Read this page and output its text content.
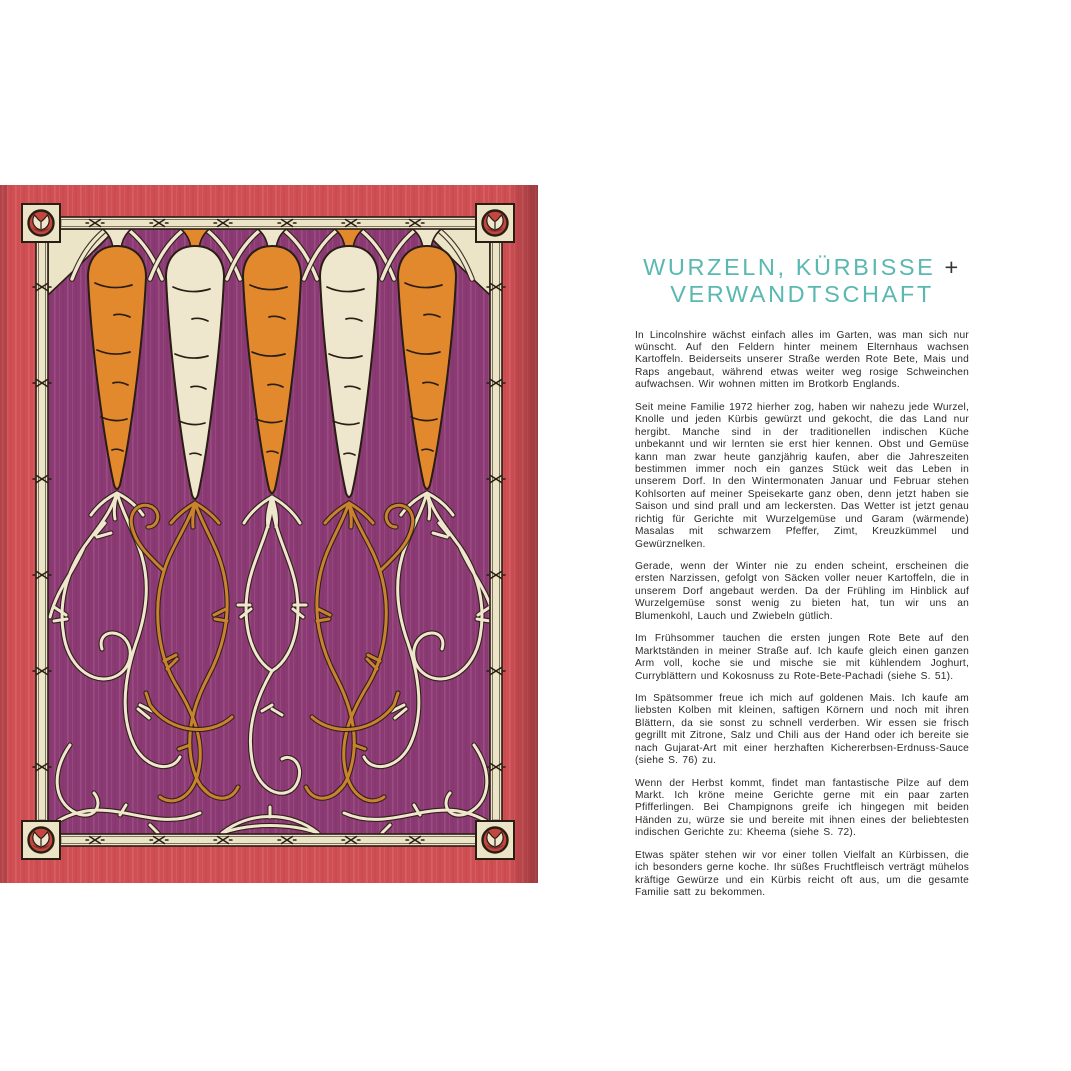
WURZELN, KÜRBISSE +
VERWANDTSCHAFT

In Lincolnshire wächst einfach alles im Garten, was man sich nur wünscht. Auf den Feldern hinter meinem Elternhaus wachsen Kartoffeln. Beiderseits unserer Straße werden Rote Bete, Mais und Raps angebaut, während etwas weiter weg rosige Schweinchen aufwachsen. Wir wohnen mitten im Brotkorb Englands.

Seit meine Familie 1972 hierher zog, haben wir nahezu jede Wurzel, Knolle und jeden Kürbis gewürzt und gekocht, die das Land nur hergibt. Manche sind in der traditionellen indischen Küche unbekannt und wir lernten sie erst hier kennen. Obst und Gemüse kann man zwar heute ganzjährig kaufen, aber die Jahreszeiten bestimmen immer noch ein ganzes Stück weit das Leben in unserem Dorf. In den Wintermonaten Januar und Februar stehen Kohlsorten auf meiner Speisekarte ganz oben, denn jetzt haben sie Saison und sind prall und am leckersten. Das Wetter ist jetzt genau richtig für Gerichte mit Wurzelgemüse und Garam (wärmende) Masalas mit schwarzem Pfeffer, Zimt, Kreuzkümmel und Gewürznelken.

Gerade, wenn der Winter nie zu enden scheint, erscheinen die ersten Narzissen, gefolgt von Säcken voller neuer Kartoffeln, die in unserem Dorf angebaut werden. Da der Frühling im Hinblick auf Wurzelgemüse sonst wenig zu bieten hat, tun wir uns an Blumenkohl, Lauch und Zwiebeln gütlich.

Im Frühsommer tauchen die ersten jungen Rote Bete auf den Marktständen in meiner Straße auf. Ich kaufe gleich einen ganzen Arm voll, koche sie und mische sie mit kühlendem Joghurt, Curryblättern und Kokosnuss zu Rote-Bete-Pachadi (siehe S. 51).

Im Spätsommer freue ich mich auf goldenen Mais. Ich kaufe am liebsten Kolben mit kleinen, saftigen Körnern und noch mit ihren Blättern, da sie sonst zu schnell verderben. Wir essen sie frisch gegrillt mit Zitrone, Salz und Chili aus der Hand oder ich bereite sie nach Gujarat-Art mit einer herzhaften Kichererbsen-Erdnuss-Sauce (siehe S. 76) zu.

Wenn der Herbst kommt, findet man fantastische Pilze auf dem Markt. Ich kröne meine Gerichte gerne mit ein paar zarten Pfifferlingen. Bei Champignons greife ich hingegen mit beiden Händen zu, würze sie und bereite mit ihnen eines der beliebtesten indischen Gerichte zu: Kheema (siehe S. 72).

Etwas später stehen wir vor einer tollen Vielfalt an Kürbissen, die ich besonders gerne koche. Ihr süßes Fruchtfleisch verträgt mühelos kräftige Gewürze und ein Kürbis reicht oft aus, um die gesamte Familie satt zu bekommen.
